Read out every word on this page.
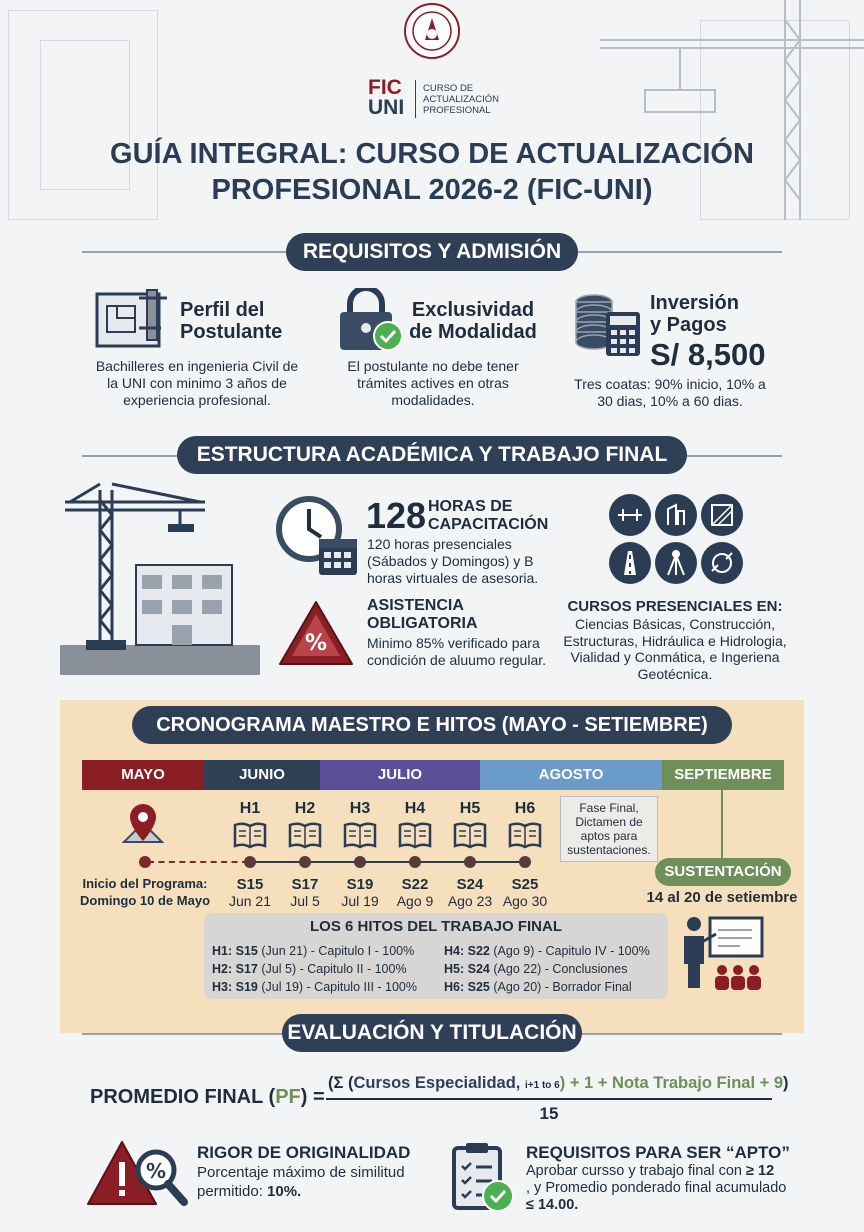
FIC
UNI
CURSO DE
ACTUALIZACIÓN
PROFESIONAL
GUÍA INTEGRAL: CURSO DE ACTUALIZACIÓN
PROFESIONAL 2026-2 (FIC-UNI)
REQUISITOS Y ADMISIÓN
Perfil del Postulante
Bachilleres en ingenieria Civil de la UNI con minimo 3 años de experiencia profesional.
Exclusividad de Modalidad
El postulante no debe tener trámites actives en otras modalidades.
Inversión y Pagos
S/ 8,500
Tres coatas: 90% inicio, 10% a 30 dias, 10% a 60 dias.
ESTRUCTURA ACADÉMICA Y TRABAJO FINAL
128 HORAS DE CAPACITACIÓN
120 horas presenciales (Sábados y Domingos) y B horas virtuales de asesoria.
%
ASISTENCIA OBLIGATORIA
Minimo 85% verificado para condición de aluumo regular.
CURSOS PRESENCIALES EN:
Ciencias Básicas, Construcción, Estructuras, Hidráulica e Hidrologia, Vialidad y Conmática, e Ingeriena Geotécnica.
CRONOGRAMA MAESTRO E HITOS (MAYO - SETIEMBRE)
MAYO	JUNIO	JULIO	AGOSTO	SEPTIEMBRE
Fase Final, Dictamen de aptos para sustentaciones.
H1
S15
Jun 21
H2
S17
Jul 5
H3
S19
Jul 19
H4
S22
Ago 9
H5
S24
Ago 23
H6
S25
Ago 30
Inicio del Programa:
Domingo 10 de Mayo
SUSTENTACIÓN
14 al 20 de setiembre
LOS 6 HITOS DEL TRABAJO FINAL
H1: S15 (Jun 21) - Capitulo I - 100%
H2: S17 (Jul 5) - Capitulo II - 100%
H3: S19 (Jul 19) - Capitulo III - 100%
H4: S22 (Ago 9) - Capitulo IV - 100%
H5: S24 (Ago 22) - Conclusiones
H6: S25 (Ago 20) - Borrador Final
EVALUACIÓN Y TITULACIÓN
PROMEDIO FINAL (PF) =
(Σ (Cursos Especialidad, i+1 to 6) + 1 + Nota Trabajo Final + 9)
15
%
RIGOR DE ORIGINALIDAD
Porcentaje máximo de similitud
permitido: 10%.
REQUISITOS PARA SER “APTO”
Aprobar cursso y trabajo final con ≥ 12
, y Promedio ponderado final acumulado
≤ 14.00.
